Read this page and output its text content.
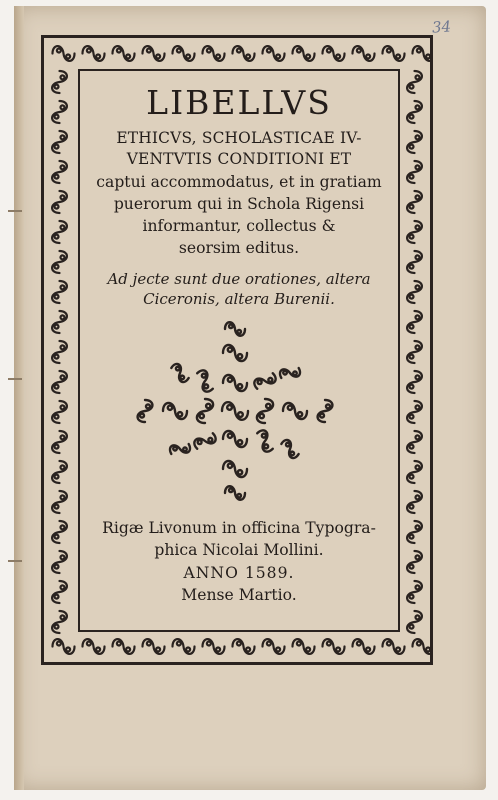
34
LIBELLVS
ETHICVS, SCHOLASTICAE IV-
VENTVTIS CONDITIONI ET
captui accommodatus, et in gratiam
puerorum qui in Schola Rigensi
informantur, collectus &
seorsim editus.
Ad jecte sunt due orationes, altera
Ciceronis, altera Burenii.
Rigæ Livonum in officina Typogra-
phica Nicolai Mollini.
ANNO 1589.
Mense Martio.
